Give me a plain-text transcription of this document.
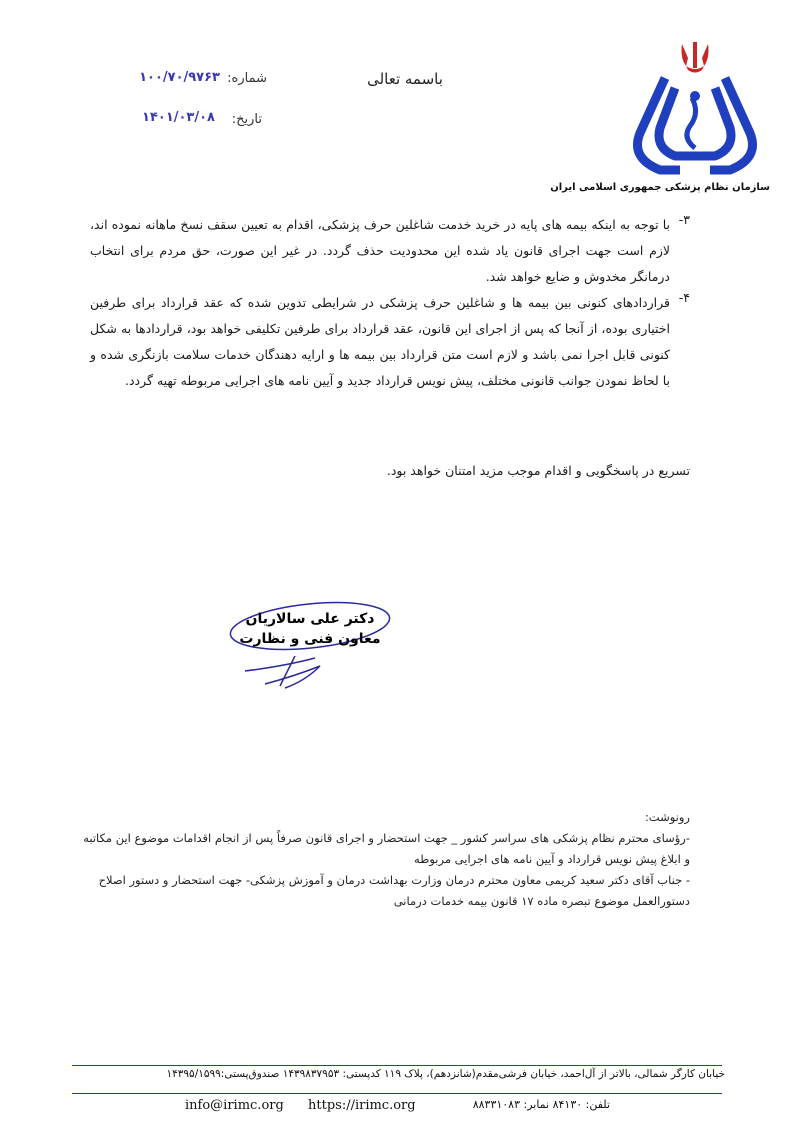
سازمان نظام پزشکی جمهوری اسلامی ایران
باسمه تعالی
شماره:
۱۰۰/۷۰/۹۷۶۳
تاریخ:
۱۴۰۱/۰۳/۰۸
۳-
با توجه به اینکه بیمه های پایه در خرید خدمت شاغلین حرف پزشکی، اقدام به تعیین سقف نسخ ماهانه نموده اند، لازم است جهت اجرای قانون یاد شده این محدودیت حذف گردد. در غیر این صورت، حق مردم برای انتخاب درمانگر مخدوش و ضایع خواهد شد.
۴-
قراردادهای کنونی بین بیمه ها و شاغلین حرف پزشکی در شرایطی تدوین شده که عقد قرارداد برای طرفین اختیاری بوده، از آنجا که پس از اجرای این قانون، عقد قرارداد برای طرفین تکلیفی خواهد بود، قراردادها به شکل کنونی قابل اجرا نمی باشد و لازم است متن قرارداد بین بیمه ها و ارایه دهندگان خدمات سلامت بازنگری شده و با لحاظ نمودن جوانب قانونی مختلف، پیش نویس قرارداد جدید و آیین نامه های اجرایی مربوطه تهیه گردد.
تسریع در پاسخگویی و اقدام موجب مزید امتنان خواهد بود.
دکتر علی سالاریان
معاون فنی و نظارت
رونوشت:
-رؤسای محترم نظام پزشکی های سراسر کشور _ جهت استحضار و اجرای قانون صرفاً پس از انجام اقدامات موضوع این مکاتبه
و ابلاغ پیش نویس قرارداد و آیین نامه های اجرایی مربوطه
- جناب آقای دکتر سعید کریمی معاون محترم درمان وزارت بهداشت درمان و آموزش پزشکی- جهت استحضار و دستور اصلاح
دستورالعمل موضوع تبصره ماده ۱۷ قانون بیمه خدمات درمانی
خیابان کارگر شمالی، بالاتر از آل‌احمد، خیابان فرشی‌مقدم(شانزدهم)، پلاک ۱۱۹ کدپستی: ۱۴۳۹۸۳۷۹۵۳ صندوق‌پستی:۱۴۳۹۵/۱۵۹۹
تلفن: ۸۴۱۳۰ نمابر: ۸۸۳۳۱۰۸۳
https://irimc.org
info@irimc.org
